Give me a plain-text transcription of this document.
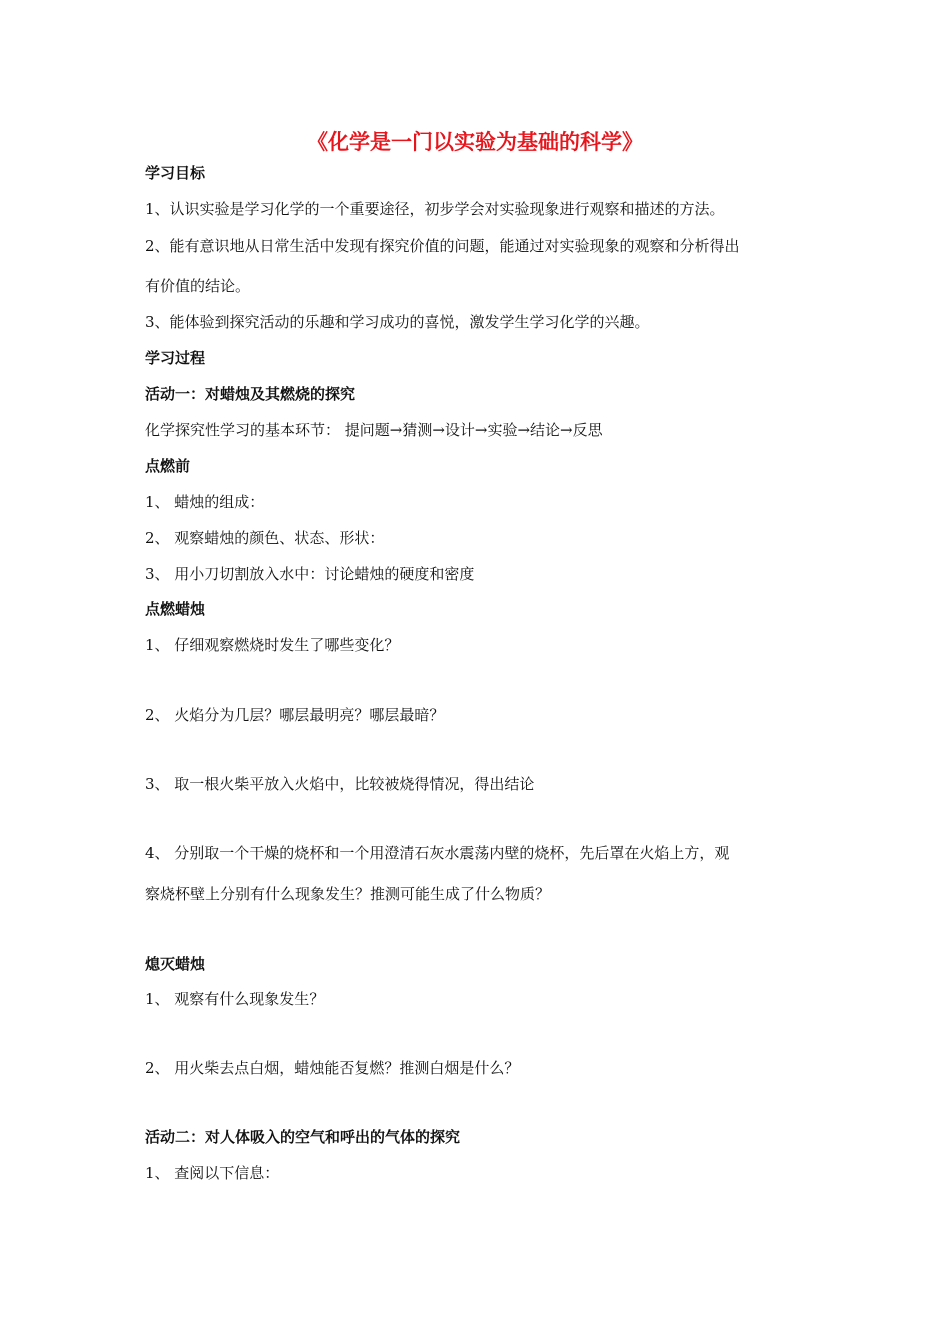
《化学是一门以实验为基础的科学》
学习目标
1、认识实验是学习化学的一个重要途径，初步学会对实验现象进行观察和描述的方法。
2、能有意识地从日常生活中发现有探究价值的问题，能通过对实验现象的观察和分析得出
有价值的结论。
3、能体验到探究活动的乐趣和学习成功的喜悦，激发学生学习化学的兴趣。
学习过程
活动一：对蜡烛及其燃烧的探究
化学探究性学习的基本环节： 提问题→猜测→设计→实验→结论→反思
点燃前
1、 蜡烛的组成：
2、 观察蜡烛的颜色、状态、形状：
3、 用小刀切割放入水中：讨论蜡烛的硬度和密度
点燃蜡烛
1、 仔细观察燃烧时发生了哪些变化？
2、 火焰分为几层？哪层最明亮？哪层最暗？
3、 取一根火柴平放入火焰中，比较被烧得情况，得出结论
4、 分别取一个干燥的烧杯和一个用澄清石灰水震荡内壁的烧杯，先后罩在火焰上方，观
察烧杯壁上分别有什么现象发生？推测可能生成了什么物质？
熄灭蜡烛
1、 观察有什么现象发生？
2、 用火柴去点白烟，蜡烛能否复燃？推测白烟是什么？
活动二：对人体吸入的空气和呼出的气体的探究
1、 查阅以下信息：
